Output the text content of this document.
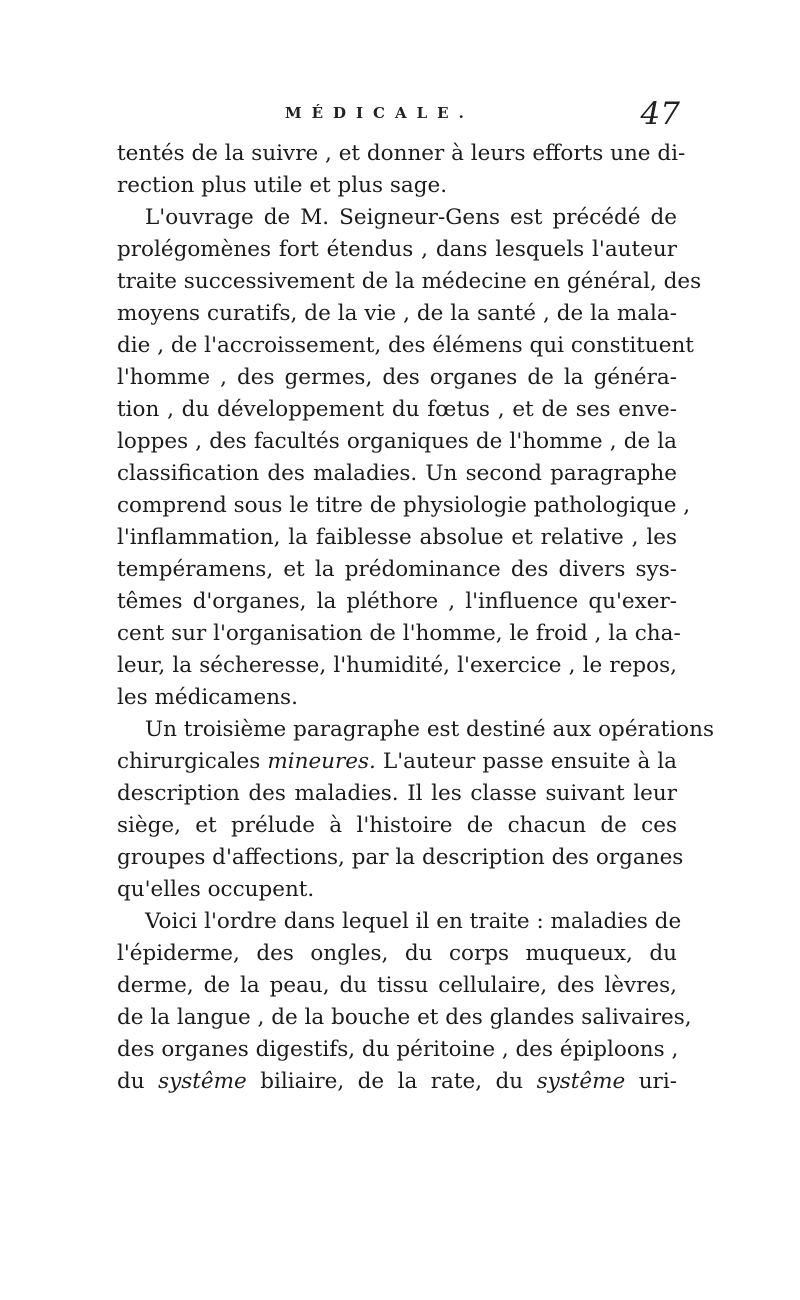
MÉDICALE.	47
tentés de la suivre , et donner à leurs efforts une di-
rection plus utile et plus sage.
L'ouvrage de M. Seigneur-Gens est précédé de
prolégomènes fort étendus , dans lesquels l'auteur
traite successivement de la médecine en général, des
moyens curatifs, de la vie , de la santé , de la mala-
die , de l'accroissement, des élémens qui constituent
l'homme , des germes, des organes de la généra-
tion , du développement du fœtus , et de ses enve-
loppes , des facultés organiques de l'homme , de la
classification des maladies. Un second paragraphe
comprend sous le titre de physiologie pathologique ,
l'inflammation, la faiblesse absolue et relative , les
tempéramens, et la prédominance des divers sys-
têmes d'organes, la pléthore , l'influence qu'exer-
cent sur l'organisation de l'homme, le froid , la cha-
leur, la sécheresse, l'humidité, l'exercice , le repos,
les médicamens.
Un troisième paragraphe est destiné aux opérations
chirurgicales mineures. L'auteur passe ensuite à la
description des maladies. Il les classe suivant leur
siège, et prélude à l'histoire de chacun de ces
groupes d'affections, par la description des organes
qu'elles occupent.
Voici l'ordre dans lequel il en traite : maladies de
l'épiderme, des ongles, du corps muqueux, du
derme, de la peau, du tissu cellulaire, des lèvres,
de la langue , de la bouche et des glandes salivaires,
des organes digestifs, du péritoine , des épiploons ,
du systême biliaire, de la rate, du systême uri-
